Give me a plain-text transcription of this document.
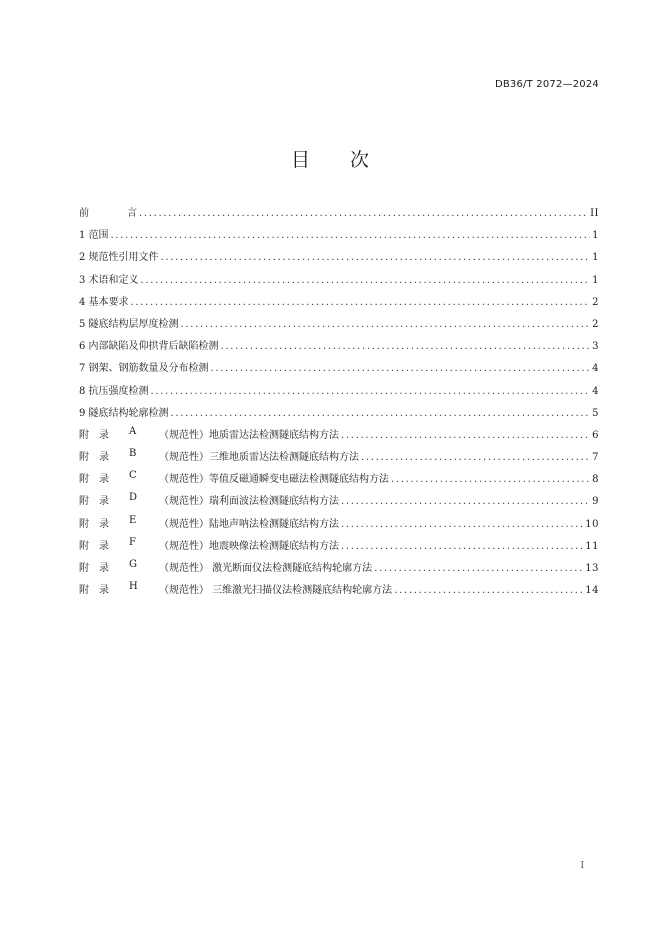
DB36/T 2072—2024
目 次
前	言 .....	II
1 范围 .....	1
2 规范性引用文件 .....	1
3 术语和定义 .....	1
4 基本要求 .....	2
5 隧底结构层厚度检测 .....	2
6 内部缺陷及仰拱背后缺陷检测 .....	3
7 钢架、钢筋数量及分布检测 .....	4
8 抗压强度检测 .....	4
9 隧底结构轮廓检测 .....	5
附	录	A	（规范性）地质雷达法检测隧底结构方法 .....	6
附	录	B	（规范性）三维地质雷达法检测隧底结构方法 .....	7
附	录	C	（规范性）等值反磁通瞬变电磁法检测隧底结构方法 .....	8
附	录	D	（规范性）瑞利面波法检测隧底结构方法 .....	9
附	录	E	（规范性）陆地声呐法检测隧底结构方法 .....	10
附	录	F	（规范性）地震映像法检测隧底结构方法 .....	11
附	录	G	（规范性） 激光断面仪法检测隧底结构轮廓方法 .....	13
附	录	H	（规范性） 三维激光扫描仪法检测隧底结构轮廓方法 .....	14
I
